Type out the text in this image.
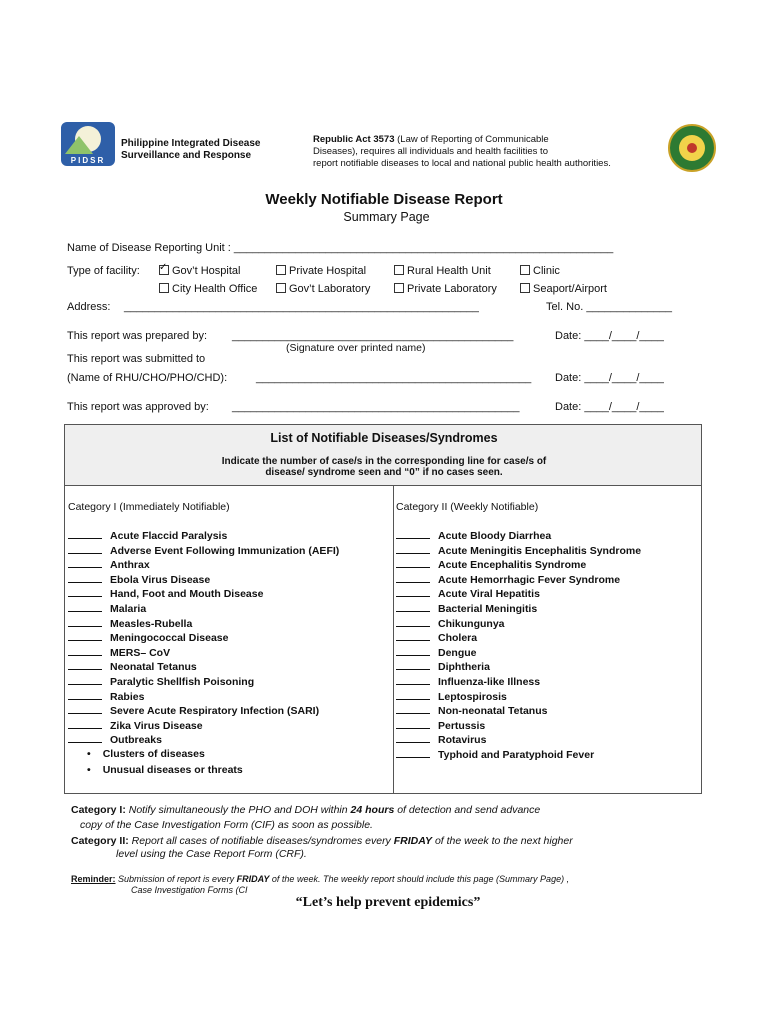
PIDSR
Philippine Integrated Disease
Surveillance and Response
Republic Act 3573 (Law of Reporting of Communicable
Diseases), requires all individuals and health facilities to
report notifiable diseases to local and national public health authorities.
Weekly Notifiable Disease Report
Summary Page
Name of Disease Reporting Unit : ______________________________________________________________
Type of facility:
✓	Gov’t Hospital	Private Hospital	Rural Health Unit	Clinic
City Health Office	Gov’t Laboratory	Private Laboratory	Seaport/Airport
Address: __________________________________________________________	Tel. No. ______________
This report was prepared by: ______________________________________________	Date: ____/____/____
(Signature over printed name)
This report was submitted to
(Name of RHU/CHO/PHO/CHD):	_____________________________________________ Date: ____/____/____
This report was approved by: _______________________________________________	Date: ____/____/____
List of Notifiable Diseases/Syndromes
Indicate the number of case/s in the corresponding line for case/s of disease/ syndrome seen and “0” if no cases seen.
Category I (Immediately Notifiable)	Category II (Weekly Notifiable)
Acute Flaccid Paralysis
Adverse Event Following Immunization (AEFI)
Anthrax
Ebola Virus Disease
Hand, Foot and Mouth Disease
Malaria
Measles-Rubella
Meningococcal Disease
MERS– CoV
Neonatal Tetanus
Paralytic Shellfish Poisoning
Rabies
Severe Acute Respiratory Infection (SARI)
Zika Virus Disease
Outbreaks
• Clusters of diseases
• Unusual diseases or threats
Acute Bloody Diarrhea
Acute Meningitis Encephalitis Syndrome
Acute Encephalitis Syndrome
Acute Hemorrhagic Fever Syndrome
Acute Viral Hepatitis
Bacterial Meningitis
Chikungunya
Cholera
Dengue
Diphtheria
Influenza-like Illness
Leptospirosis
Non-neonatal Tetanus
Pertussis
Rotavirus
Typhoid and Paratyphoid Fever
Category I: Notify simultaneously the PHO and DOH within 24 hours of detection and send advance
copy of the Case Investigation Form (CIF) as soon as possible.
Category II: Report all cases of notifiable diseases/syndromes every FRIDAY of the week to the next higher
level using the Case Report Form (CRF).
Reminder: Submission of report is every FRIDAY of the week. The weekly report should include this page (Summary Page) ,
Case Investigation Forms (CI
“Let’s help prevent epidemics”
